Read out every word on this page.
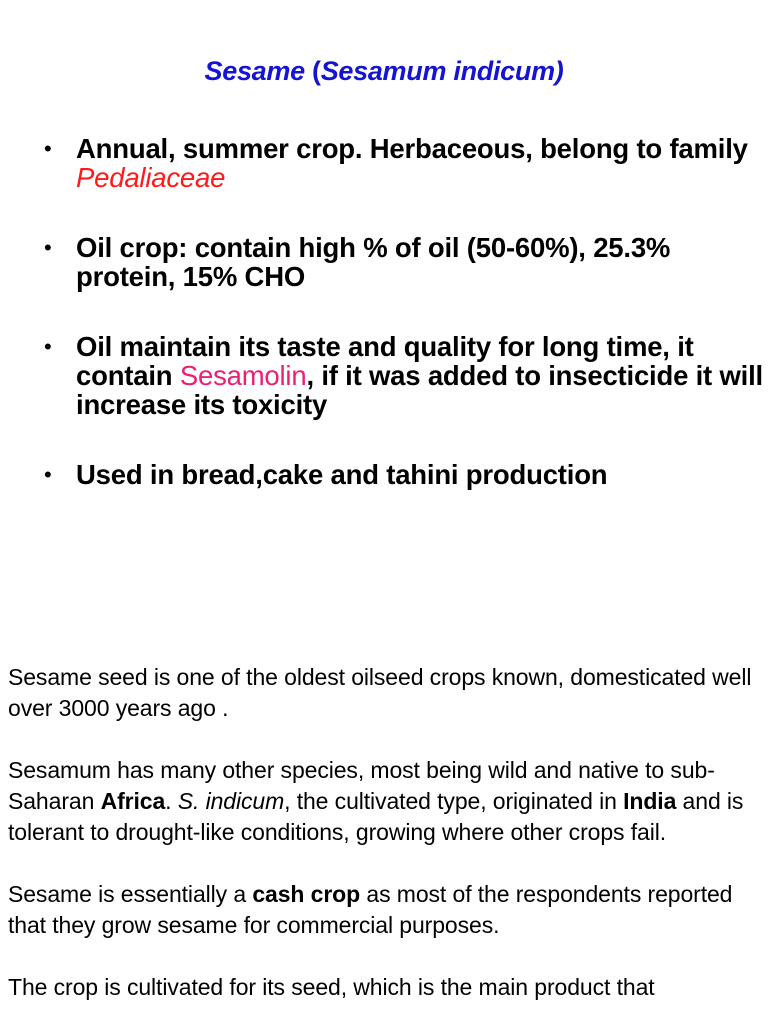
Sesame (Sesamum indicum)
• Annual, summer crop. Herbaceous, belong to family Pedaliaceae
• Oil crop: contain high % of oil (50-60%), 25.3% protein, 15% CHO
• Oil maintain its taste and quality for long time, it contain Sesamolin, if it was added to insecticide it will increase its toxicity
• Used in bread,cake and tahini production

Sesame seed is one of the oldest oilseed crops known, domesticated well over 3000 years ago .

Sesamum has many other species, most being wild and native to sub-Saharan Africa. S. indicum, the cultivated type, originated in India and is tolerant to drought-like conditions, growing where other crops fail.

Sesame is essentially a cash crop as most of the respondents reported that they grow sesame for commercial purposes.

The crop is cultivated for its seed, which is the main product that
